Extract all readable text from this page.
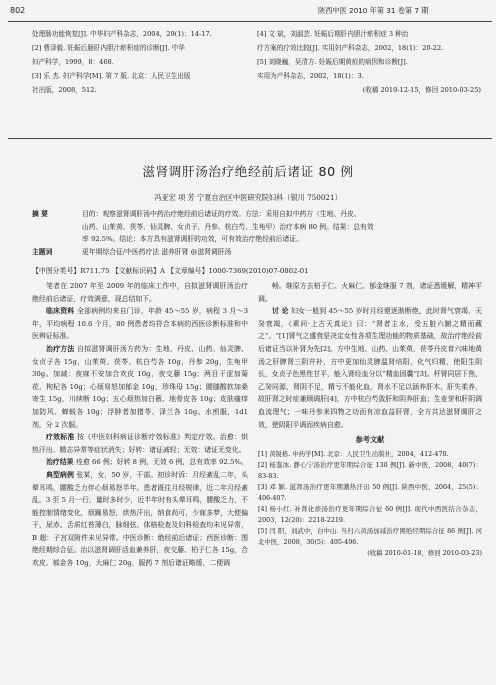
802	陕西中医 2010 年第 31 卷第 7 期
处理肠功能恢复[J]. 中华妇产科杂志，2004，29(1)：14-17.
[2] 曹泽毅. 妊娠后肠肝内胆汁瘀积症的诊断[J]. 中华
妇产科学，1999，8：468.
[3] 乐 杰. 妇产科学[M]. 第 7 版. 北京：人民卫生出版
社出版，2008，512.
[4] 文 斌，刘淑芸. 妊娠后期肝内胆汁瘀积症 3 种治
疗方案的疗效比较[J]. 实用妇产科杂志，2002，18(1)：20-22.
[5] 刘晓巍，吴清方. 妊娠后期黄疸的病因和诊断[J].
实用为产科杂志，2002，18(1)：3.
(收稿 2010-12-15，修回 2010-03-25)
滋肾调肝汤治疗绝经前后诸证 80 例
冯亚宏 项 芳 宁夏自治区中医研究院妇科（银川 750021）
摘 要	目的：观察滋肾调肝汤中药治疗绝经前后诸证的疗效。方法：采用自拟中药方（生地、丹皮、
山药、山茱萸、茯苓、仙灵脾、女贞子、丹参、杭白芍、生龟甲）治疗本病 80 例。结果：总有效
率 92.5%。结论：本方具有滋肾调肝的功效，可有效治疗绝经前后诸证。
主题词	更年期综合征/中医药疗法 滋养肝肾 @滋肾调肝汤
【中图分类号】R711.75 【文献标识码】A 【文章编号】1000-7369(2010)07-0802-01

笔者在 2007 年至 2009 年的临床工作中，自拟滋肾调肝汤治疗绝经前后诸证，疗效满意，现总结如下。

临床资料 全部病例均来自门诊，年龄 45～55 岁，病程 3 月～3 年，平均病程 10.6 个月，80 例患者均符合本病的西医诊断标准和中医辨证标准。

治疗方法 自拟滋肾调肝汤方药为：生地、丹皮、山药、仙灵脾、女贞子各 15g，山茱萸、茯苓、杭白芍各 10g，丹参 20g，生龟甲 30g。加减：夜寐不安加合欢皮 10g，夜交藤 15g；两目干涩加菊花、枸杞各 10g；心烦易怒加郁金 10g，珍珠母 15g；腰膝酸软加桑寄生 15g，川续断 10g；五心烦热加白薇、地骨皮各 10g；皮肤瘙痒加防风、蝉蜕各 10g；浮肿者加猪苓、泽兰各 10g。水煎服，1d1 剂，分 2 次服。

疗效标准 按《中医妇科病证诊断疗效标准》判定疗效。治愈：烘热汗出、精志异常等症状消失；好转：诸证减轻；无效：诸证无变化。

治疗结果 痊愈 66 例；好转 8 例，无效 6 例，总有效率 92.5%。

典型病例 张某，女，50 岁，干部。初诊时诉：月经紊乱二年，头晕耳鸣，腰酸乏力伴心烦易怒半年。患者既往月经规律，近二年月经紊乱，3 至 5 月一行，量时多时少，近半年时有头晕耳鸣，腰酸乏力，不能控制情绪变化，烦躁易怒，烘热汗出，纳食尚可，少寐多梦，大便偏干，尿赤。舌质红苔薄白，脉细弦。体格检查及妇科检查均未见异常，B 超：子宫双附件未见异常。中医诊断：绝经前后诸证；西医诊断：围绝经期综合征。治以滋肾调肝活血兼养肝，夜交藤、柏子仁各 15g，合欢皮、郁金各 10g，大麻仁 20g，服药 7 剂后诸证略缓，二便调

畅。继原方去柏子仁、火麻仁、郁金继服 7 剂，诸证悉缓解，精神平调。

讨 论 妇女一般到 45～55 岁时月经便逐渐断绝，此时肾气衰竭，天癸衰竭，《素问·上古天真论》曰：“肾者主水，受五脏六腑之精而藏之”。“[1]肾气之盛衰是决定女性各项生理功能的物质基础，故治疗绝经前后诸证当以补肾为先[2]。方中生地、山药、山茱萸、茯苓丹皮育六味地黄汤之肝脾肾三阴并补，方中更加仙灵脾温肾培阳，化气归精，使阳生阴长，女贞子色黑性甘平，能入肾经血分以“精血固囊”[3]。杆肾同居下焦，乙癸同源，肾阴不足，精亏不能化血，肾水不足以涵养肝木，肝失柔养，故肝肾之时症兼顾调肝[4]，方中杭白芍敛肝和阴养肝血；生麦芽和肝阴调血流理气；一味丹参来四物之功而有凉血益肝肾，全方共达滋肾调肝之效，使阴阳平调而疾病自愈。

参考文献
[1] 黄锐栋. 中药学[M]. 北京：人民卫生出版社，2004，412-470.
[2] 杨鉴冰. 静心宁汤治疗更年期综合征 130 例[J]. 新中医，2008，40(7)：83-83.
[3] 邓 颖. 滋肾汤治疗更年期潮热汗出 50 例[J]. 陕西中医，2004，25(5)：406-407.
[4] 杨小红. 补肾化瘀汤治疗更年期综合征 60 例[J]. 现代中西医结合杂志，2003，12(20)：2218-2219.
[5] 闫 阳，刘武中，白中山. 当归六黄汤加减治疗围绝经期综合征 86 例[J]. 河北中医，2008，30(5)：495-496.
(收稿 2010-01-18，修回 2010-03-23)
